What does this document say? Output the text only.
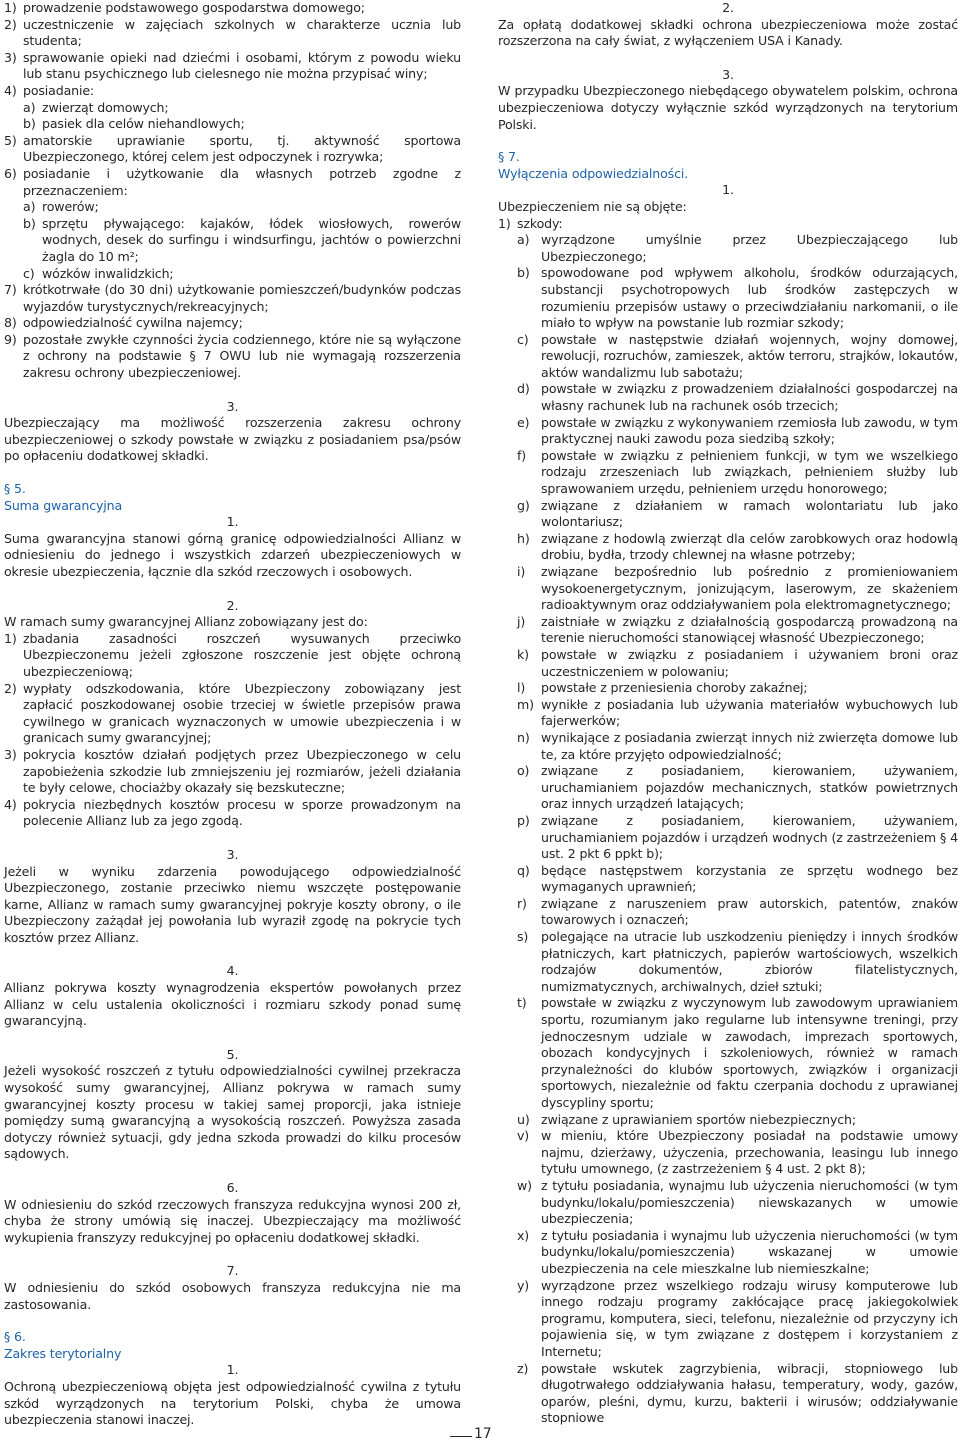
1) prowadzenie podstawowego gospodarstwa domowego;
2) uczestniczenie w zajęciach szkolnych w charakterze ucznia lub studenta;
3) sprawowanie opieki nad dziećmi i osobami, którym z powodu wieku lub stanu psychicznego lub cielesnego nie można przypisać winy;
4) posiadanie:
a) zwierząt domowych;
b) pasiek dla celów niehandlowych;
5) amatorskie uprawianie sportu, tj. aktywność sportowa Ubezpieczonego, której celem jest odpoczynek i rozrywka;
6) posiadanie i użytkowanie dla własnych potrzeb zgodne z przeznaczeniem:
a) rowerów;
b) sprzętu pływającego: kajaków, łódek wiosłowych, rowerów wodnych, desek do surfingu i windsurfingu, jachtów o powierzchni żagla do 10 m²;
c) wózków inwalidzkich;
7) krótkotrwałe (do 30 dni) użytkowanie pomieszczeń/budynków podczas wyjazdów turystycznych/rekreacyjnych;
8) odpowiedzialność cywilna najemcy;
9) pozostałe zwykłe czynności życia codziennego, które nie są wyłączone z ochrony na podstawie § 7 OWU lub nie wymagają rozszerzenia zakresu ochrony ubezpieczeniowej.

3.

Ubezpieczający ma możliwość rozszerzenia zakresu ochrony ubezpieczeniowej o szkody powstałe w związku z posiadaniem psa/psów po opłaceniu dodatkowej składki.

§ 5.

Suma gwarancyjna

1.

Suma gwarancyjna stanowi górną granicę odpowiedzialności Allianz w odniesieniu do jednego i wszystkich zdarzeń ubezpieczeniowych w okresie ubezpieczenia, łącznie dla szkód rzeczowych i osobowych.

2.

W ramach sumy gwarancyjnej Allianz zobowiązany jest do:

1) zbadania zasadności roszczeń wysuwanych przeciwko Ubezpieczonemu jeżeli zgłoszone roszczenie jest objęte ochroną ubezpieczeniową;
2) wypłaty odszkodowania, które Ubezpieczony zobowiązany jest zapłacić poszkodowanej osobie trzeciej w świetle przepisów prawa cywilnego w granicach wyznaczonych w umowie ubezpieczenia i w granicach sumy gwarancyjnej;
3) pokrycia kosztów działań podjętych przez Ubezpieczonego w celu zapobieżenia szkodzie lub zmniejszeniu jej rozmiarów, jeżeli działania te były celowe, chociażby okazały się bezskuteczne;
4) pokrycia niezbędnych kosztów procesu w sporze prowadzonym na polecenie Allianz lub za jego zgodą.

3.

Jeżeli w wyniku zdarzenia powodującego odpowiedzialność Ubezpieczonego, zostanie przeciwko niemu wszczęte postępowanie karne, Allianz w ramach sumy gwarancyjnej pokryje koszty obrony, o ile Ubezpieczony zażądał jej powołania lub wyraził zgodę na pokrycie tych kosztów przez Allianz.

4.

Allianz pokrywa koszty wynagrodzenia ekspertów powołanych przez Allianz w celu ustalenia okoliczności i rozmiaru szkody ponad sumę gwarancyjną.

5.

Jeżeli wysokość roszczeń z tytułu odpowiedzialności cywilnej przekracza wysokość sumy gwarancyjnej, Allianz pokrywa w ramach sumy gwarancyjnej koszty procesu w takiej samej proporcji, jaka istnieje pomiędzy sumą gwarancyjną a wysokością roszczeń. Powyższa zasada dotyczy również sytuacji, gdy jedna szkoda prowadzi do kilku procesów sądowych.

6.

W odniesieniu do szkód rzeczowych franszyza redukcyjna wynosi 200 zł, chyba że strony umówią się inaczej. Ubezpieczający ma możliwość wykupienia franszyzy redukcyjnej po opłaceniu dodatkowej składki.

7.

W odniesieniu do szkód osobowych franszyza redukcyjna nie ma zastosowania.

§ 6.

Zakres terytorialny

1.

Ochroną ubezpieczeniową objęta jest odpowiedzialność cywilna z tytułu szkód wyrządzonych na terytorium Polski, chyba że umowa ubezpieczenia stanowi inaczej.

2.

Za opłatą dodatkowej składki ochrona ubezpieczeniowa może zostać rozszerzona na cały świat, z wyłączeniem USA i Kanady.

3.

W przypadku Ubezpieczonego niebędącego obywatelem polskim, ochrona ubezpieczeniowa dotyczy wyłącznie szkód wyrządzonych na terytorium Polski.

§ 7.

Wyłączenia odpowiedzialności.

1.

Ubezpieczeniem nie są objęte:

1) szkody:
a) wyrządzone umyślnie przez Ubezpieczającego lub Ubezpieczonego;
b) spowodowane pod wpływem alkoholu, środków odurzających, substancji psychotropowych lub środków zastępczych w rozumieniu przepisów ustawy o przeciwdziałaniu narkomanii, o ile miało to wpływ na powstanie lub rozmiar szkody;
c) powstałe w następstwie działań wojennych, wojny domowej, rewolucji, rozruchów, zamieszek, aktów terroru, strajków, lokautów, aktów wandalizmu lub sabotażu;
d) powstałe w związku z prowadzeniem działalności gospodarczej na własny rachunek lub na rachunek osób trzecich;
e) powstałe w związku z wykonywaniem rzemiosła lub zawodu, w tym praktycznej nauki zawodu poza siedzibą szkoły;
f)	powstałe w związku z pełnieniem funkcji, w tym we wszelkiego rodzaju zrzeszeniach lub związkach, pełnieniem służby lub sprawowaniem urzędu, pełnieniem urzędu honorowego;
g) związane z działaniem w ramach wolontariatu lub jako wolontariusz;
h) związane z hodowlą zwierząt dla celów zarobkowych oraz hodowlą drobiu, bydła, trzody chlewnej na własne potrzeby;
i)	związane bezpośrednio lub pośrednio z promieniowaniem wysokoenergetycznym, jonizującym, laserowym, ze skażeniem radioaktywnym oraz oddziaływaniem pola elektromagnetycznego;
j)	zaistniałe w związku z działalnością gospodarczą prowadzoną na terenie nieruchomości stanowiącej własność Ubezpieczonego;
k) powstałe w związku z posiadaniem i używaniem broni oraz uczestniczeniem w polowaniu;
l)	powstałe z przeniesienia choroby zakaźnej;
m) wynikłe z posiadania lub używania materiałów wybuchowych lub fajerwerków;
n) wynikające z posiadania zwierząt innych niż zwierzęta domowe lub te, za które przyjęto odpowiedzialność;
o) związane z posiadaniem, kierowaniem, używaniem, uruchamianiem pojazdów mechanicznych, statków powietrznych oraz innych urządzeń latających;
p) związane z posiadaniem, kierowaniem, używaniem, uruchamianiem pojazdów i urządzeń wodnych (z zastrzeżeniem § 4 ust. 2 pkt 6 ppkt b);
q) będące następstwem korzystania ze sprzętu wodnego bez wymaganych uprawnień;
r)	związane z naruszeniem praw autorskich, patentów, znaków towarowych i oznaczeń;
s)	polegające na utracie lub uszkodzeniu pieniędzy i innych środków płatniczych, kart płatniczych, papierów wartościowych, wszelkich rodzajów dokumentów, zbiorów filatelistycznych, numizmatycznych, archiwalnych, dzieł sztuki;
t)	powstałe w związku z wyczynowym lub zawodowym uprawianiem sportu, rozumianym jako regularne lub intensywne treningi, przy jednoczesnym udziale w zawodach, imprezach sportowych, obozach kondycyjnych i szkoleniowych, również w ramach przynależności do klubów sportowych, związków i organizacji sportowych, niezależnie od faktu czerpania dochodu z uprawianej dyscypliny sportu;
u) związane z uprawianiem sportów niebezpiecznych;
v) w mieniu, które Ubezpieczony posiadał na podstawie umowy najmu, dzierżawy, użyczenia, przechowania, leasingu lub innego tytułu umownego, (z zastrzeżeniem § 4 ust. 2 pkt 8);
w) z tytułu posiadania, wynajmu lub użyczenia nieruchomości (w tym budynku/lokalu/pomieszczenia) niewskazanych w umowie ubezpieczenia;
x) z tytułu posiadania i wynajmu lub użyczenia nieruchomości (w tym budynku/lokalu/pomieszczenia) wskazanej w umowie ubezpieczenia na cele mieszkalne lub niemieszkalne;
y) wyrządzone przez wszelkiego rodzaju wirusy komputerowe lub innego rodzaju programy zakłócające pracę jakiegokolwiek programu, komputera, sieci, telefonu, niezależnie od przyczyny ich pojawienia się, w tym związane z dostępem i korzystaniem z Internetu;
z)	powstałe wskutek zagrzybienia, wibracji, stopniowego lub długotrwałego oddziaływania hałasu, temperatury, wody, gazów, oparów, pleśni, dymu, kurzu, bakterii i wirusów; oddziaływanie stopniowe
17
